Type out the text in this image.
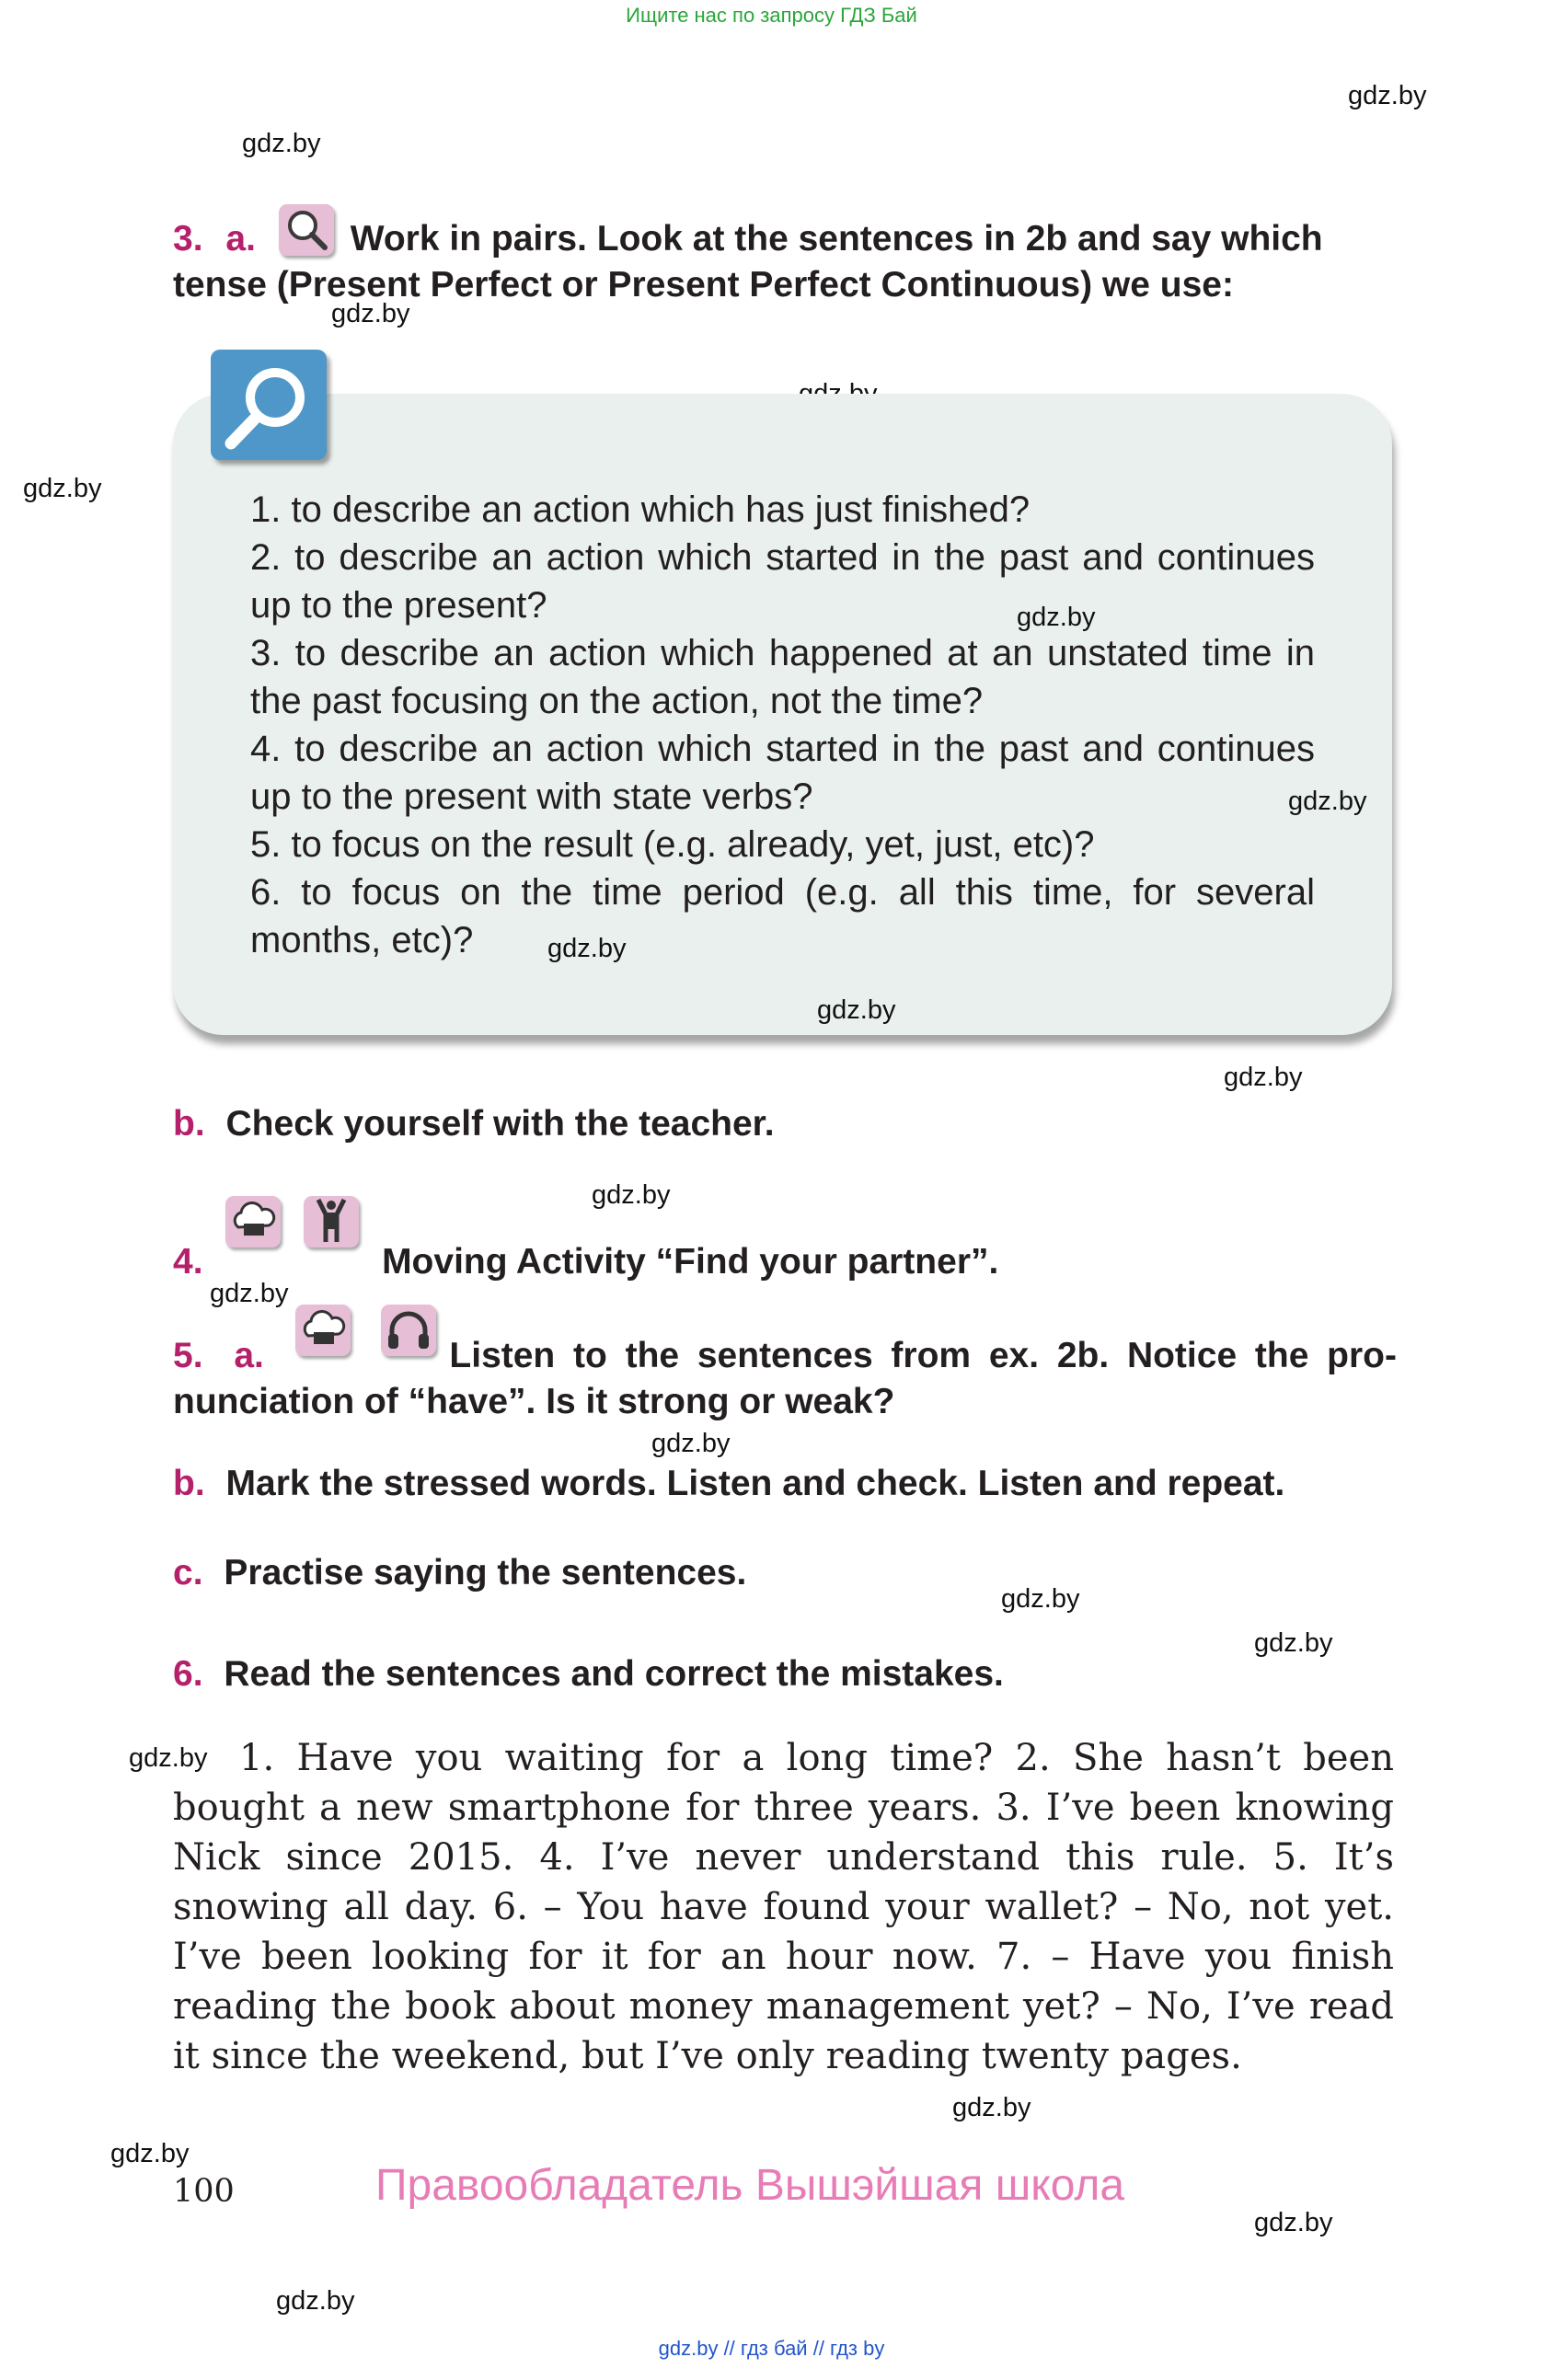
Ищите нас по запросу ГДЗ Бай
gdz.by
gdz.by
gdz.by
gdz.by
3. a.	Work in pairs. Look at the sentences in 2b and say which tense (Present Perfect or Present Perfect Continuous) we use:

1. to describe an action which has just finished?

2. to describe an action which started in the past and continues up to the present?

3. to describe an action which happened at an unstated time in the past focusing on the action, not the time?

4. to describe an action which started in the past and continues up to the present with state verbs?

5. to focus on the result (e.g. already, yet, just, etc)?

6. to focus on the time period (e.g. all this time, for several months, etc)?

gdz.by
gdz.by
gdz.by
gdz.by
gdz.by
b. Check yourself with the teacher.
gdz.by
4.	Moving Activity “Find your partner”.
gdz.by
5. a.	Listen to the sentences from ex. 2b. Notice the pronunciation of “have”. Is it strong or weak?
gdz.by
b. Mark the stressed words. Listen and check. Listen and repeat.
c. Practise saying the sentences.
gdz.by
gdz.by
6. Read the sentences and correct the mistakes.
gdz.by 1. Have you waiting for a long time? 2. She hasn’t been bought a new smartphone for three years. 3. I’ve been knowing Nick since 2015. 4. I’ve never understand this rule. 5. It’s snowing all day. 6. – You have found your wallet? – No, not yet. I’ve been looking for it for an hour now. 7. – Have you finish reading the book about money management yet? – No, I’ve read it since the weekend, but I’ve only reading twenty pages.
gdz.by
gdz.by
100	Правообладатель Вышэйшая школа
gdz.by
gdz.by
gdz.by // гдз бай // гдз by
